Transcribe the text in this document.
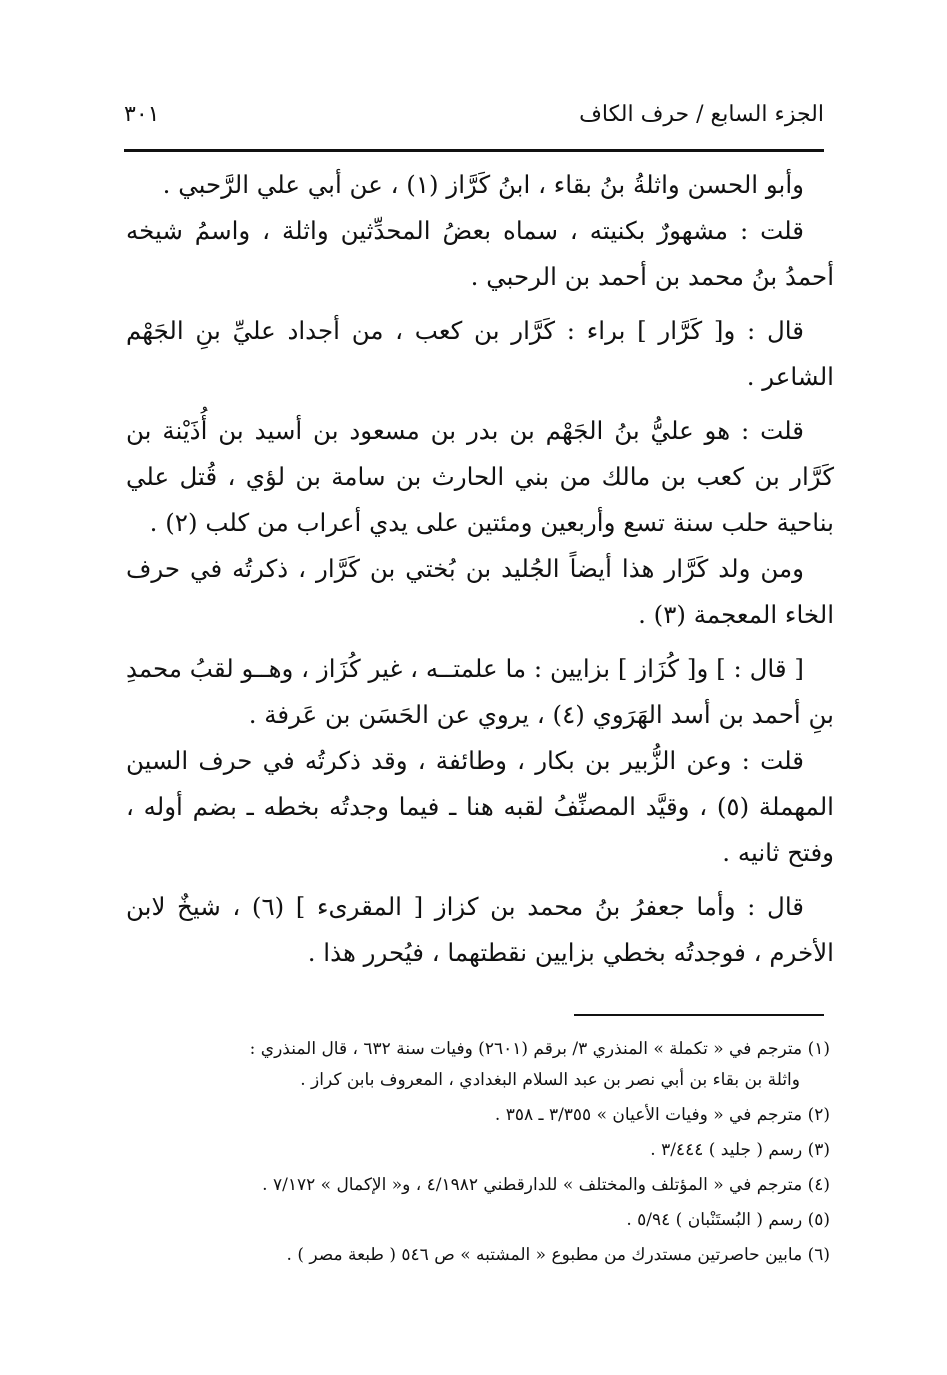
الجزء السابع / حرف الكاف
٣٠١

وأبو الحسن واثلةُ بنُ بقاء ، ابنُ كَرَّاز (١) ، عن أبي علي الرَّحبي .

قلت : مشهورٌ بكنيته ، سماه بعضُ المحدِّثين واثلة ، واسمُ شيخه أحمدُ بنُ محمد بن أحمد بن الرحبي .

قال : و[ كَرَّار ] براء : كَرَّار بن كعب ، من أجداد عليِّ بنِ الجَهْم الشاعر .

قلت : هو عليُّ بنُ الجَهْم بن بدر بن مسعود بن أسيد بن أُذَيْنة بن كَرَّار بن كعب بن مالك من بني الحارث بن سامة بن لؤي ، قُتل علي بناحية حلب سنة تسع وأربعين ومئتين على يدي أعراب من كلب (٢) .

ومن ولد كَرَّار هذا أيضاً الجُليد بن بُختي بن كَرَّار ، ذكرتُه في حرف الخاء المعجمة (٣) .

[ قال : ] و[ كُزَاز ] بزايين : ما علمتــه ، غير كُزَاز ، وهــو لقبُ محمدِ بنِ أحمد بن أسد الهَرَوي (٤) ، يروي عن الحَسَن بن عَرفة .

قلت : وعن الزُّبير بن بكار ، وطائفة ، وقد ذكرتُه في حرف السين المهملة (٥) ، وقيَّد المصنِّفُ لقبه هنا ـ فيما وجدتُه بخطه ـ بضم أوله ، وفتح ثانيه .

قال : وأما جعفرُ بنُ محمد بن كزاز [ المقرىء ] (٦) ، شيخٌ لابن الأخرم ، فوجدتُه بخطي بزايين نقطتهما ، فيُحرر هذا .

(١) مترجم في « تكملة » المنذري ٣/ برقم (٢٦٠١) وفيات سنة ٦٣٢ ، قال المنذري :

واثلة بن بقاء بن أبي نصر بن عبد السلام البغدادي ، المعروف بابن كراز .

(٢) مترجم في « وفيات الأعيان » ٣/٣٥٥ ـ ٣٥٨ .

(٣) رسم ( جليد ) ٣/٤٤٤ .

(٤) مترجم في « المؤتلف والمختلف » للدارقطني ٤/١٩٨٢ ، و« الإكمال » ٧/١٧٢ .

(٥) رسم ( البُستَنْبان ) ٥/٩٤ .

(٦) مابين حاصرتين مستدرك من مطبوع « المشتبه » ص ٥٤٦ ( طبعة مصر ) .
